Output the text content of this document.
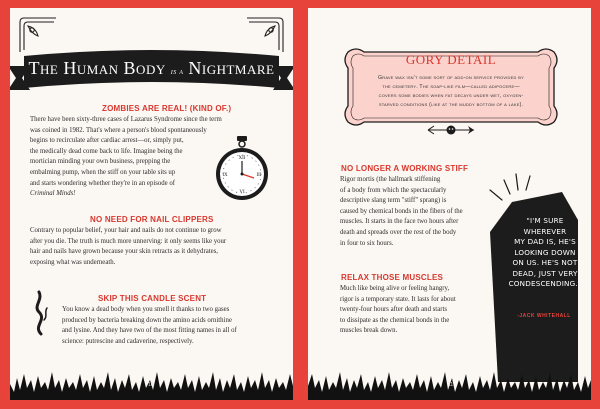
The Human Body is a Nightmare
ZOMBIES ARE REAL! (KIND OF.)

There have been sixty-three cases of Lazarus Syndrome since the term
was coined in 1982. That's where a person's blood spontaneously
begins to recirculate after cardiac arrest—or, simply put,
the medically dead come back to life. Imagine being the
mortician minding your own business, prepping the
embalming pump, when the stiff on your table sits up
and starts wondering whether they're in an episode of
Criminal Minds!

XII
III
VI
IX
NO NEED FOR NAIL CLIPPERS

Contrary to popular belief, your hair and nails do not continue to grow
after you die. The truth is much more unnerving: it only seems like your
hair and nails have grown because your skin retracts as it dehydrates,
exposing what was underneath.

SKIP THIS CANDLE SCENT

You know a dead body when you smell it thanks to two gases
produced by bacteria breaking down the amino acids ornithine
and lysine. And they have two of the most fitting names in all of
science: putrescine and cadaverine, respectively.

10
GORY DETAIL

Grave wax isn't some sort of add-on service provided by
the cemetery. The soap-like film—called adipocere—
covers some bodies when fat decays under wet, oxygen-
starved conditions (like at the muddy bottom of a lake).

NO LONGER A WORKING STIFF

Rigor mortis (the hallmark stiffening
of a body from which the spectacularly
descriptive slang term "stiff" sprang) is
caused by chemical bonds in the fibers of the
muscles. It starts in the face two hours after
death and spreads over the rest of the body
in four to six hours.

RELAX THOSE MUSCLES

Much like being alive or feeling hangry,
rigor is a temporary state. It lasts for about
twenty-four hours after death and starts
to dissipate as the chemical bonds in the
muscles break down.

"I'M SURE
WHEREVER
MY DAD IS, HE'S
LOOKING DOWN
ON US. HE'S NOT
DEAD, JUST VERY
CONDESCENDING."

-JACK WHITEHALL
11
